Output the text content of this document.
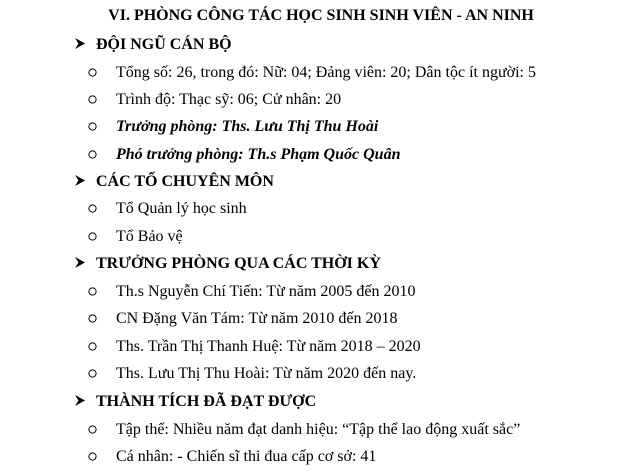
VI. PHÒNG CÔNG TÁC HỌC SINH SINH VIÊN - AN NINH
ĐỘI NGŨ CÁN BỘ
Tổng số: 26, trong đó: Nữ: 04; Đảng viên: 20; Dân tộc ít người: 5
Trình độ: Thạc sỹ: 06; Cử nhân: 20
Trưởng phòng: Ths. Lưu Thị Thu Hoài
Phó trưởng phòng: Th.s Phạm Quốc Quân
CÁC TỔ CHUYÊN MÔN
Tổ Quản lý học sinh
Tổ Bảo vệ
TRƯỞNG PHÒNG QUA CÁC THỜI KỲ
Th.s Nguyễn Chí Tiến: Từ năm 2005 đến 2010
CN Đặng Văn Tám: Từ năm 2010 đến 2018
Ths. Trần Thị Thanh Huệ: Từ năm 2018 – 2020
Ths. Lưu Thị Thu Hoài: Từ năm 2020 đến nay.
THÀNH TÍCH ĐÃ ĐẠT ĐƯỢC
Tập thể: Nhiều năm đạt danh hiệu: “Tập thể lao động xuất sắc”
Cá nhân: - Chiến sĩ thi đua cấp cơ sở: 41
